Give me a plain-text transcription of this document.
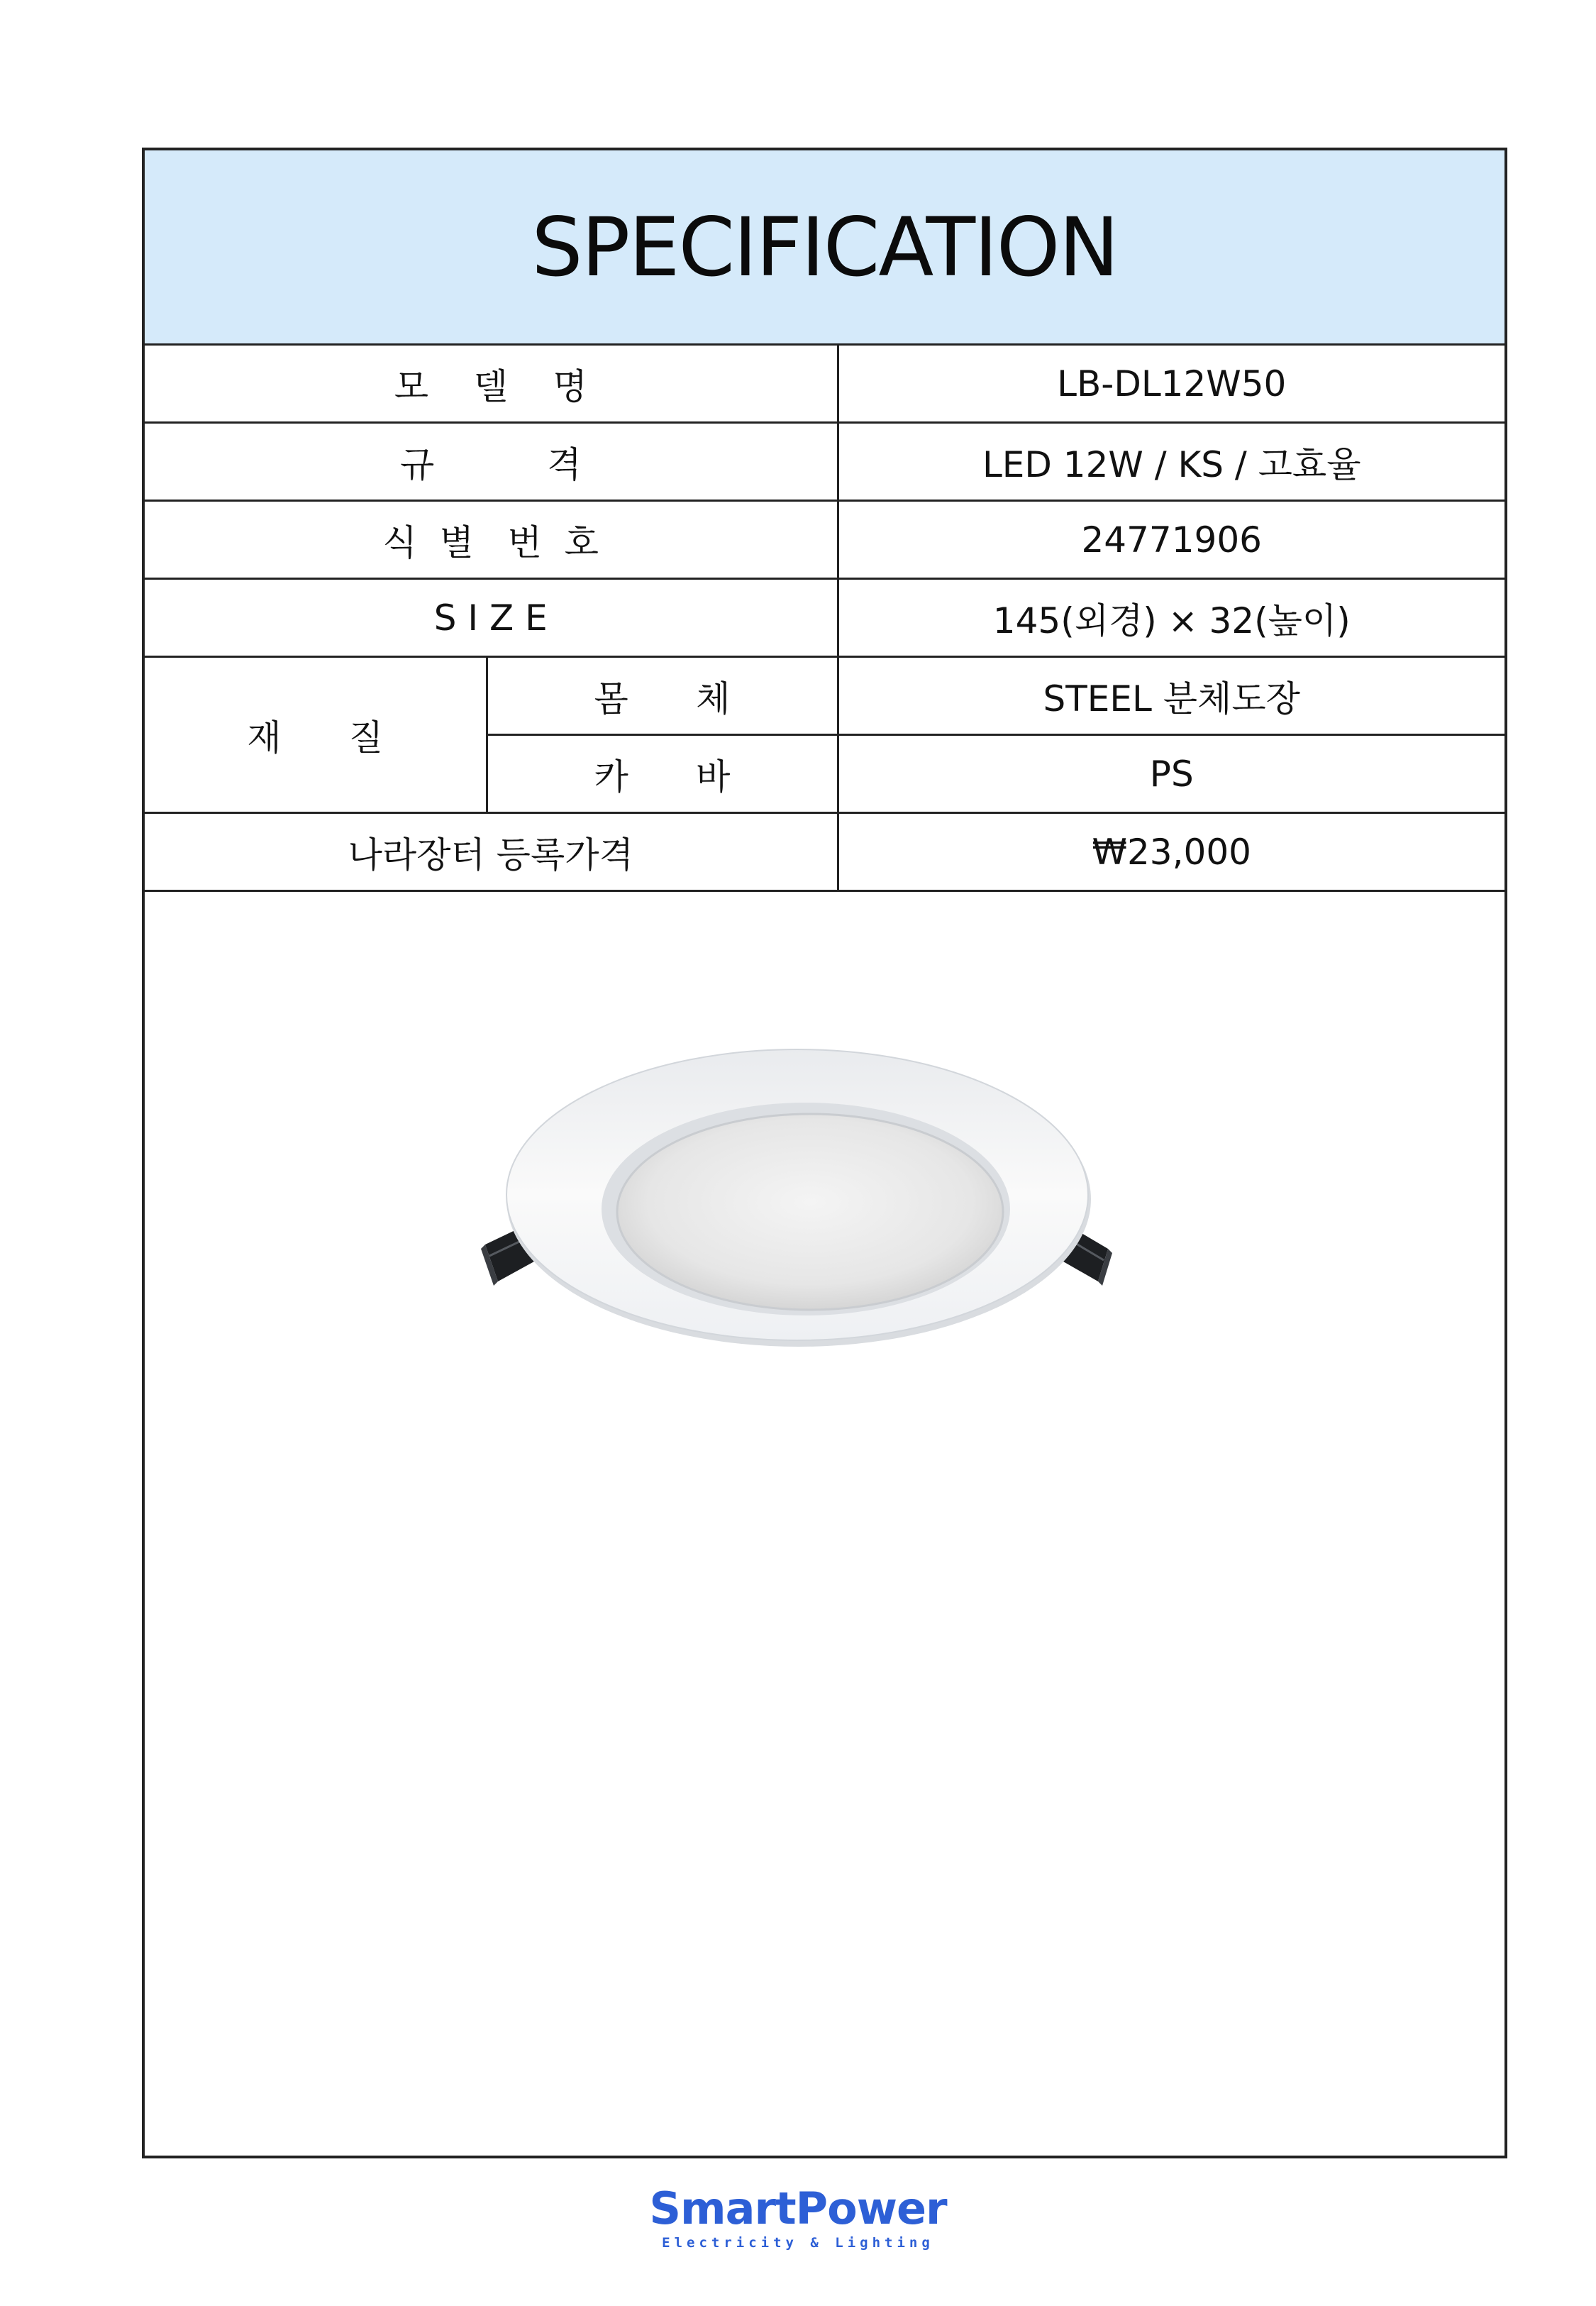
SPECIFICATION
모    델    명		LB-DL12W50
규          격		LED 12W / KS / 고효율
식  별   번  호		24771906
S I Z E		145(외경) × 32(높이)
재      질	몸      체	STEEL 분체도장
	카      바	PS
나라장터 등록가격		₩23,000
SmartPower
Electricity & Lighting
